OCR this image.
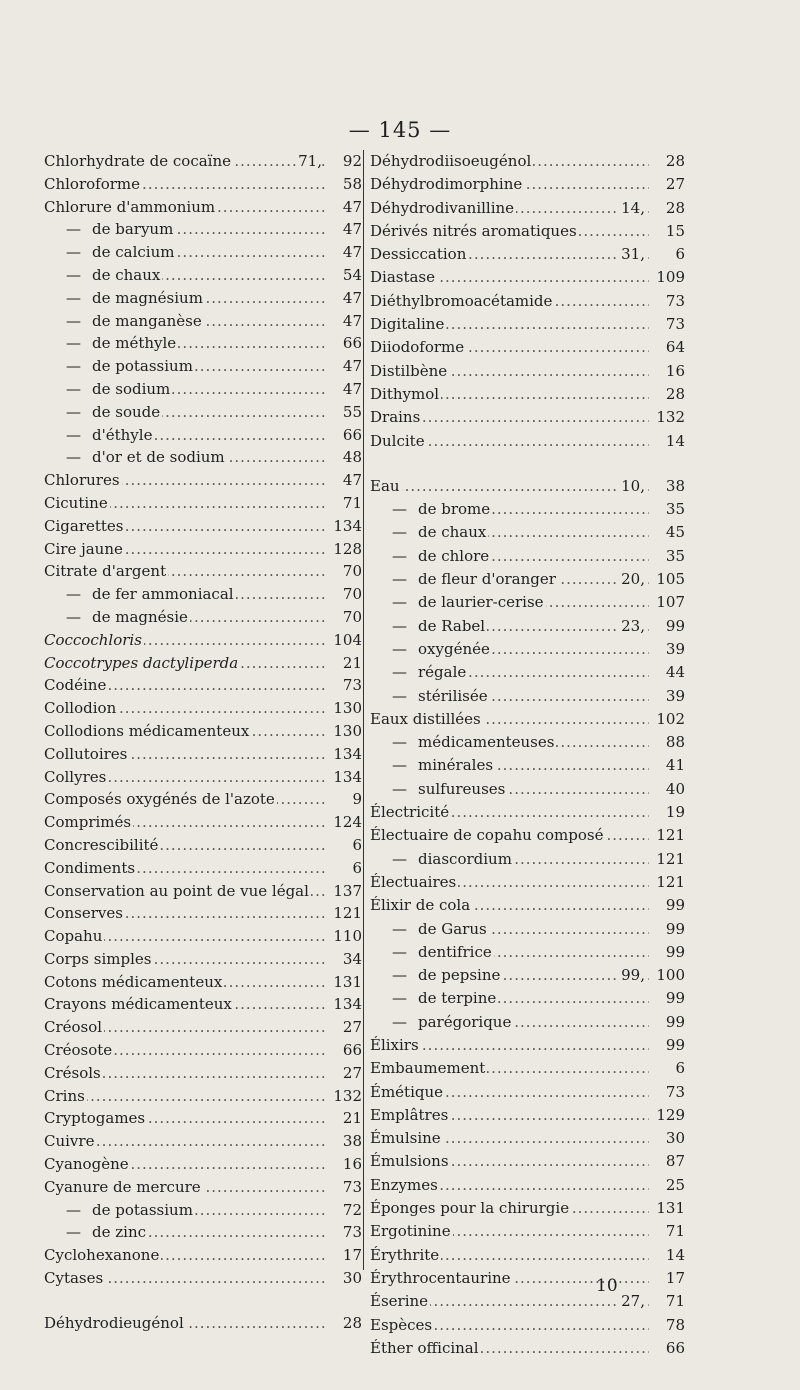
— 145 —
.....
Chlorhydrate de cocaïne	71,	92
.....
Chloroforme	58
.....
Chlorure d'ammonium	47
.....
— de baryum	47
.....
— de calcium	47
.....
— de chaux	54
.....
— de magnésium	47
.....
— de manganèse	47
.....
— de méthyle	66
.....
— de potassium	47
.....
— de sodium	47
.....
— de soude	55
.....
— d'éthyle	66
.....
— d'or et de sodium	48
.....
Chlorures	47
.....
Cicutine	71
.....
Cigarettes	134
.....
Cire jaune	128
.....
Citrate d'argent	70
.....
— de fer ammoniacal	70
.....
— de magnésie	70
.....
Coccochloris	104
.....
Coccotrypes dactyliperda	21
.....
Codéine	73
.....
Collodion	130
.....
Collodions médicamenteux	130
.....
Collutoires	134
.....
Collyres	134
.....
Composés oxygénés de l'azote	9
.....
Comprimés	124
.....
Concrescibilité	6
.....
Condiments	6
.....
Conservation au point de vue légal	137
.....
Conserves	121
.....
Copahu	110
.....
Corps simples	34
.....
Cotons médicamenteux	131
.....
Crayons médicamenteux	134
.....
Créosol	27
.....
Créosote	66
.....
Crésols	27
.....
Crins	132
.....
Cryptogames	21
.....
Cuivre	38
.....
Cyanogène	16
.....
Cyanure de mercure	73
.....
— de potassium	72
.....
— de zinc	73
.....
Cyclohexanone	17
.....
Cytases	30
.....
Déhydrodieugénol	28
.....
Déhydrodiisoeugénol	28
.....
Déhydrodimorphine	27
.....
Déhydrodivanilline	14,	28
.....
Dérivés nitrés aromatiques	15
.....
Dessiccation	31,	6
.....
Diastase	109
.....
Diéthylbromoacétamide	73
.....
Digitaline	73
.....
Diiodoforme	64
.....
Distilbène	16
.....
Dithymol	28
.....
Drains	132
.....
Dulcite	14
.....
Eau	10,	38
.....
— de brome	35
.....
— de chaux	45
.....
— de chlore	35
.....
— de fleur d'oranger	20, 105
.....
— de laurier-cerise	107
.....
— de Rabel	23,	99
.....
— oxygénée	39
.....
— régale	44
.....
— stérilisée	39
.....
Eaux distillées	102
.....
— médicamenteuses	88
.....
— minérales	41
.....
— sulfureuses	40
.....
Électricité	19
.....
Électuaire de copahu composé	121
.....
— diascordium	121
.....
Électuaires	121
.....
Élixir de cola	99
.....
— de Garus	99
.....
— dentifrice	99
.....
— de pepsine	99, 100
.....
— de terpine	99
.....
— parégorique	99
.....
Élixirs	99
.....
Embaumement	6
.....
Émétique	73
.....
Emplâtres	129
.....
Émulsine	30
.....
Émulsions	87
.....
Enzymes	25
.....
Éponges pour la chirurgie	131
.....
Ergotinine	71
.....
Érythrite	14
.....
Érythrocentaurine	17
.....
Éserine	27,	71
.....
Espèces	78
.....
Éther officinal	66
10
